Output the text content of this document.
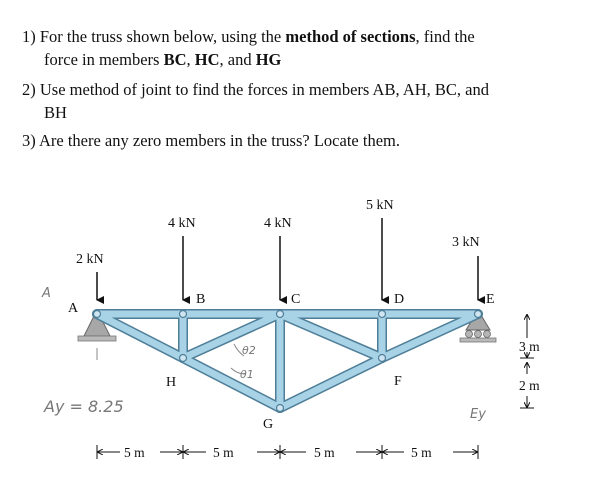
1) For the truss shown below, using the method of sections, find the
force in members BC, HC, and HG
2) Use method of joint to find the forces in members AB, AH, BC, and
BH
3) Are there any zero members in the truss? Locate them.
2 kN
4 kN	4 kN
5 kN
3 kN
A
B	C	D	E
F
G
H
3 m
2 m
5 m	5 m	5 m	5 m
A
Ay = 8.25
θ2
θ1
Ey
